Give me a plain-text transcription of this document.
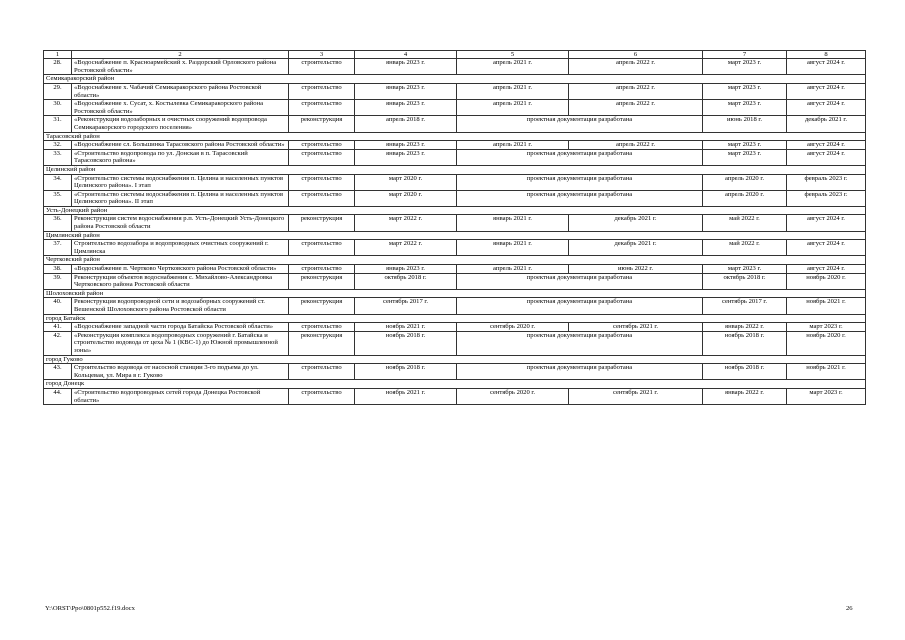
1	2	3	4	5	6	7	8
28.	«Водоснабжение п. Красноармейский х. Раздорский Орловского района Ростовской области»	строительство	январь 2023 г.	апрель 2021 г.	апрель 2022 г.	март 2023 г.	август 2024 г.
Семикаракорский район							
29.	«Водоснабжение х. Чабачий Семикаракорского района Ростовской области»	строительство	январь 2023 г.	апрель 2021 г.	апрель 2022 г.	март 2023 г.	август 2024 г.
30.	«Водоснабжение х. Сусат, х. Костылевка Семикаракорского района Ростовской области»	строительство	январь 2023 г.	апрель 2021 г.	апрель 2022 г.	март 2023 г.	август 2024 г.
31.	«Реконструкция водозаборных и очистных сооружений водопровода Семикаракорского городского поселения»	реконструкция	апрель 2018 г.	проектная документация разработана		июнь 2018 г.	декабрь 2021 г.
Тарасовский район							
32.	«Водоснабжение сл. Большинка Тарасовского района Ростовской области»	строительство	январь 2023 г.	апрель 2021 г.	апрель 2022 г.	март 2023 г.	август 2024 г.
33.	«Строительство водопровода по ул. Донская в п. Тарасовский Тарасовского района»	строительство	январь 2023 г.	проектная документация разработана		март 2023 г.	август 2024 г.
Целинский район							
34.	«Строительство системы водоснабжения п. Целина и населенных пунктов Целинского района». I этап	строительство	март 2020 г.	проектная документация разработана		апрель 2020 г.	февраль 2023 г.
35.	«Строительство системы водоснабжения п. Целина и населенных пунктов Целинского района». II этап	строительство	март 2020 г.	проектная документация разработана		апрель 2020 г.	февраль 2023 г.
Усть-Донецкий район							
36.	Реконструкция систем водоснабжения р.п. Усть-Донецкий Усть-Донецкого района Ростовской области	реконструкция	март 2022 г.	январь 2021 г.	декабрь 2021 г.	май 2022 г.	август 2024 г.
Цимлянский район							
37.	Строительство водозабора и водопроводных очистных сооружений г. Цимлянска	строительство	март 2022 г.	январь 2021 г.	декабрь 2021 г.	май 2022 г.	август 2024 г.
Чертковский район							
38.	«Водоснабжение п. Чертково Чертковского района Ростовской области»	строительство	январь 2023 г.	апрель 2021 г.	июнь 2022 г.	март 2023 г.	август 2024 г.
39.	Реконструкция объектов водоснабжения с. Михайлово-Александровка Чертковского района Ростовской области	реконструкция	октябрь 2018 г.	проектная документация разработана		октябрь 2018 г.	ноябрь 2020 г.
Шолоховский район							
40.	Реконструкция водопроводной сети и водозаборных сооружений ст. Вешенской Шолоховского района Ростовской области	реконструкция	сентябрь 2017 г.	проектная документация разработана		сентябрь 2017 г.	ноябрь 2021 г.
город Батайск							
41.	«Водоснабжение западной части города Батайска Ростовской области»	строительство	ноябрь 2021 г.	сентябрь 2020 г.	сентябрь 2021 г.	январь 2022 г.	март 2023 г.
42.	«Реконструкция комплекса водопроводных сооружений г. Батайска и строительство водовода от цеха № 1 (КВС-1) до Южной промышленной зоны»	реконструкция	ноябрь 2018 г.	проектная документация разработана		ноябрь 2018 г.	ноябрь 2020 г.
город Гуково							
43.	Строительство водовода от насосной станции 3-го подъема до ул. Кольцевая, ул. Мира в г. Гуково	строительство	ноябрь 2018 г.	проектная документация разработана		ноябрь 2018 г.	ноябрь 2021 г.
город Донецк							
44.	«Строительство водопроводных сетей города Донецка Ростовской области»	строительство	ноябрь 2021 г.	сентябрь 2020 г.	сентябрь 2021 г.	январь 2022 г.	март 2023 г.
Y:\ORST\Ppo\0801p552.f19.docx	26
